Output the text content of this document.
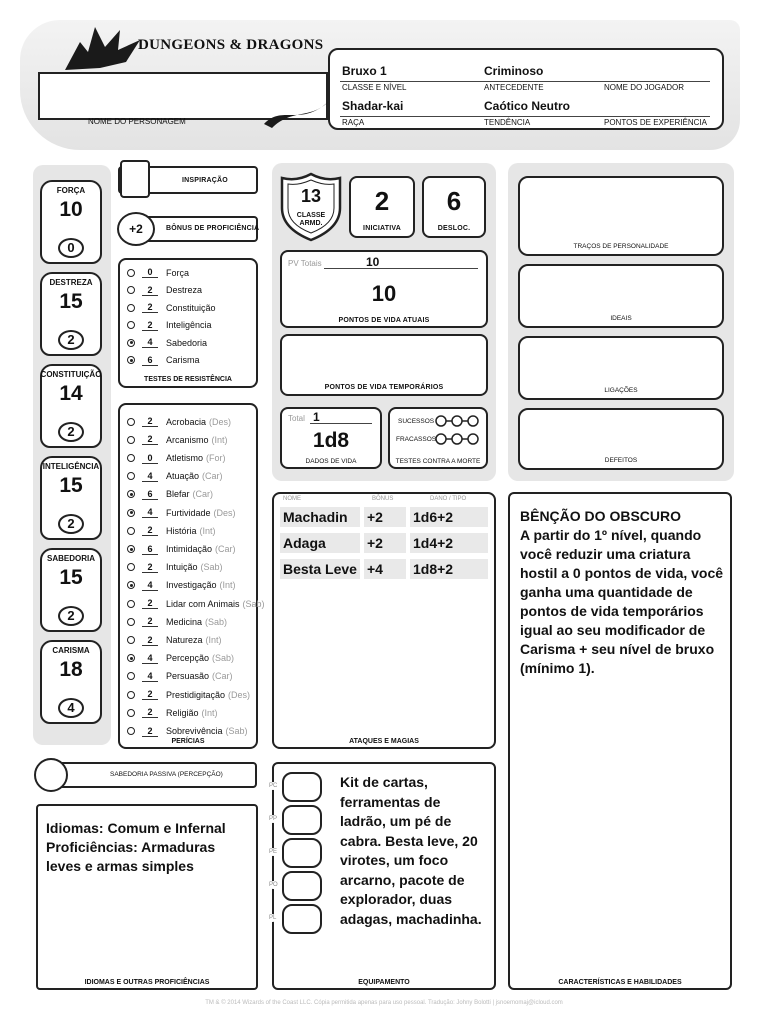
DUNGEONS & DRAGONS
NOME DO PERSONAGEM
Bruxo 1
CLASSE E NÍVEL
Criminoso
ANTECEDENTE	NOME DO JOGADOR
Shadar-kai
RAÇA
Caótico Neutro
TENDÊNCIA	PONTOS DE EXPERIÊNCIA
FORÇA
10
0
DESTREZA
15
2
CONSTITUIÇÃO
14
2
INTELIGÊNCIA
15
2
SABEDORIA
15
2
CARISMA
18
4
INSPIRAÇÃO
+2	BÔNUS DE PROFICIÊNCIA
0	Força
2	Destreza
2	Constituição
2	Inteligência
4	Sabedoria
6	Carisma
TESTES DE RESISTÊNCIA
2	Acrobacia (Des)
2	Arcanismo (Int)
0	Atletismo (For)
4	Atuação (Car)
6	Blefar (Car)
4	Furtividade (Des)
2	História (Int)
6	Intimidação (Car)
2	Intuição (Sab)
4	Investigação (Int)
2	Lidar com Animais (Sab)
2	Medicina (Sab)
2	Natureza (Int)
4	Percepção (Sab)
4	Persuasão (Car)
2	Prestidigitação (Des)
2	Religião (Int)
2	Sobrevivência (Sab)
PERÍCIAS
SABEDORIA PASSIVA (PERCEPÇÃO)
Idiomas: Comum e Infernal Proficiências: Armaduras leves e armas simples
IDIOMAS E OUTRAS PROFICIÊNCIAS
13
CLASSE
ARMD.
2
INICIATIVA
6
DESLOC.
PV Totais	10
10
PONTOS DE VIDA ATUAIS
PONTOS DE VIDA TEMPORÁRIOS
Total 1
1d8
DADOS DE VIDA
SUCESSOS
FRACASSOS
TESTES CONTRA A MORTE
TRAÇOS DE PERSONALIDADE
IDEAIS
LIGAÇÕES
DEFEITOS
NOME	BÔNUS	DANO / TIPO
Machadin	+2	1d6+2
Adaga	+2	1d4+2
Besta Leve +4	1d8+2
ATAQUES E MAGIAS
PC
PP
PE
PO
PL
Kit de cartas, ferramentas de ladrão, um pé de cabra. Besta leve, 20 virotes, um foco arcarno, pacote de explorador, duas adagas, machadinha.
EQUIPAMENTO
BÊNÇÃO DO OBSCURO
A partir do 1º nível, quando você reduzir uma criatura hostil a 0 pontos de vida, você ganha uma quantidade de pontos de vida temporários igual ao seu modificador de Carisma + seu nível de bruxo (mínimo 1).
CARACTERÍSTICAS E HABILIDADES
TM & © 2014 Wizards of the Coast LLC. Cópia permitida apenas para uso pessoal. Tradução: Johny Bolotti | jsnoemomaj@icloud.com
